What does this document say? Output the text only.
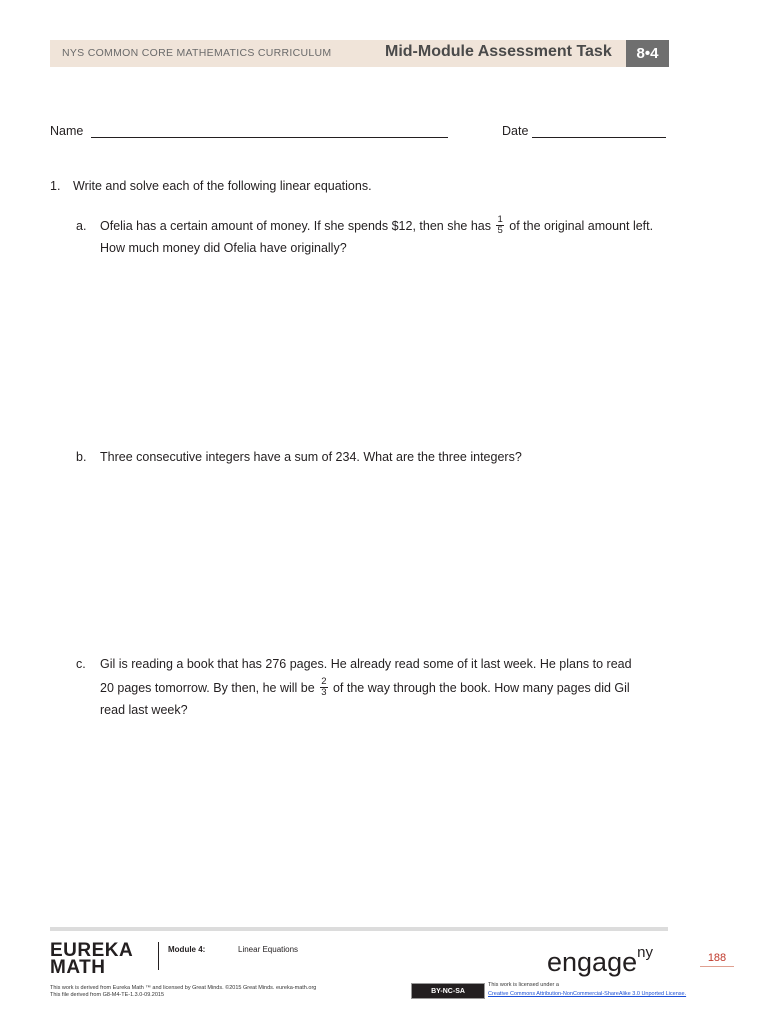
NYS COMMON CORE MATHEMATICS CURRICULUM	Mid-Module Assessment Task	8•4
Name	Date
1. Write and solve each of the following linear equations.
a. Ofelia has a certain amount of money. If she spends $12, then she has $\frac{1}{5}$ of the original amount left.
How much money did Ofelia have originally?
b. Three consecutive integers have a sum of 234. What are the three integers?
c. Gil is reading a book that has 276 pages. He already read some of it last week. He plans to read
20 pages tomorrow. By then, he will be $\frac{2}{3}$ of the way through the book. How many pages did Gil
read last week?
EUREKA
MATH
Module 4:	Linear Equations	engage$^{ny}$	188
This work is derived from Eureka Math ™ and licensed by Great Minds. ©2015 Great Minds. eureka-math.org
This file derived from G8-M4-TE-1.3.0-09.2015
BY-NC-SA
This work is licensed under a
Creative Commons Attribution-NonCommercial-ShareAlike 3.0 Unported License.
